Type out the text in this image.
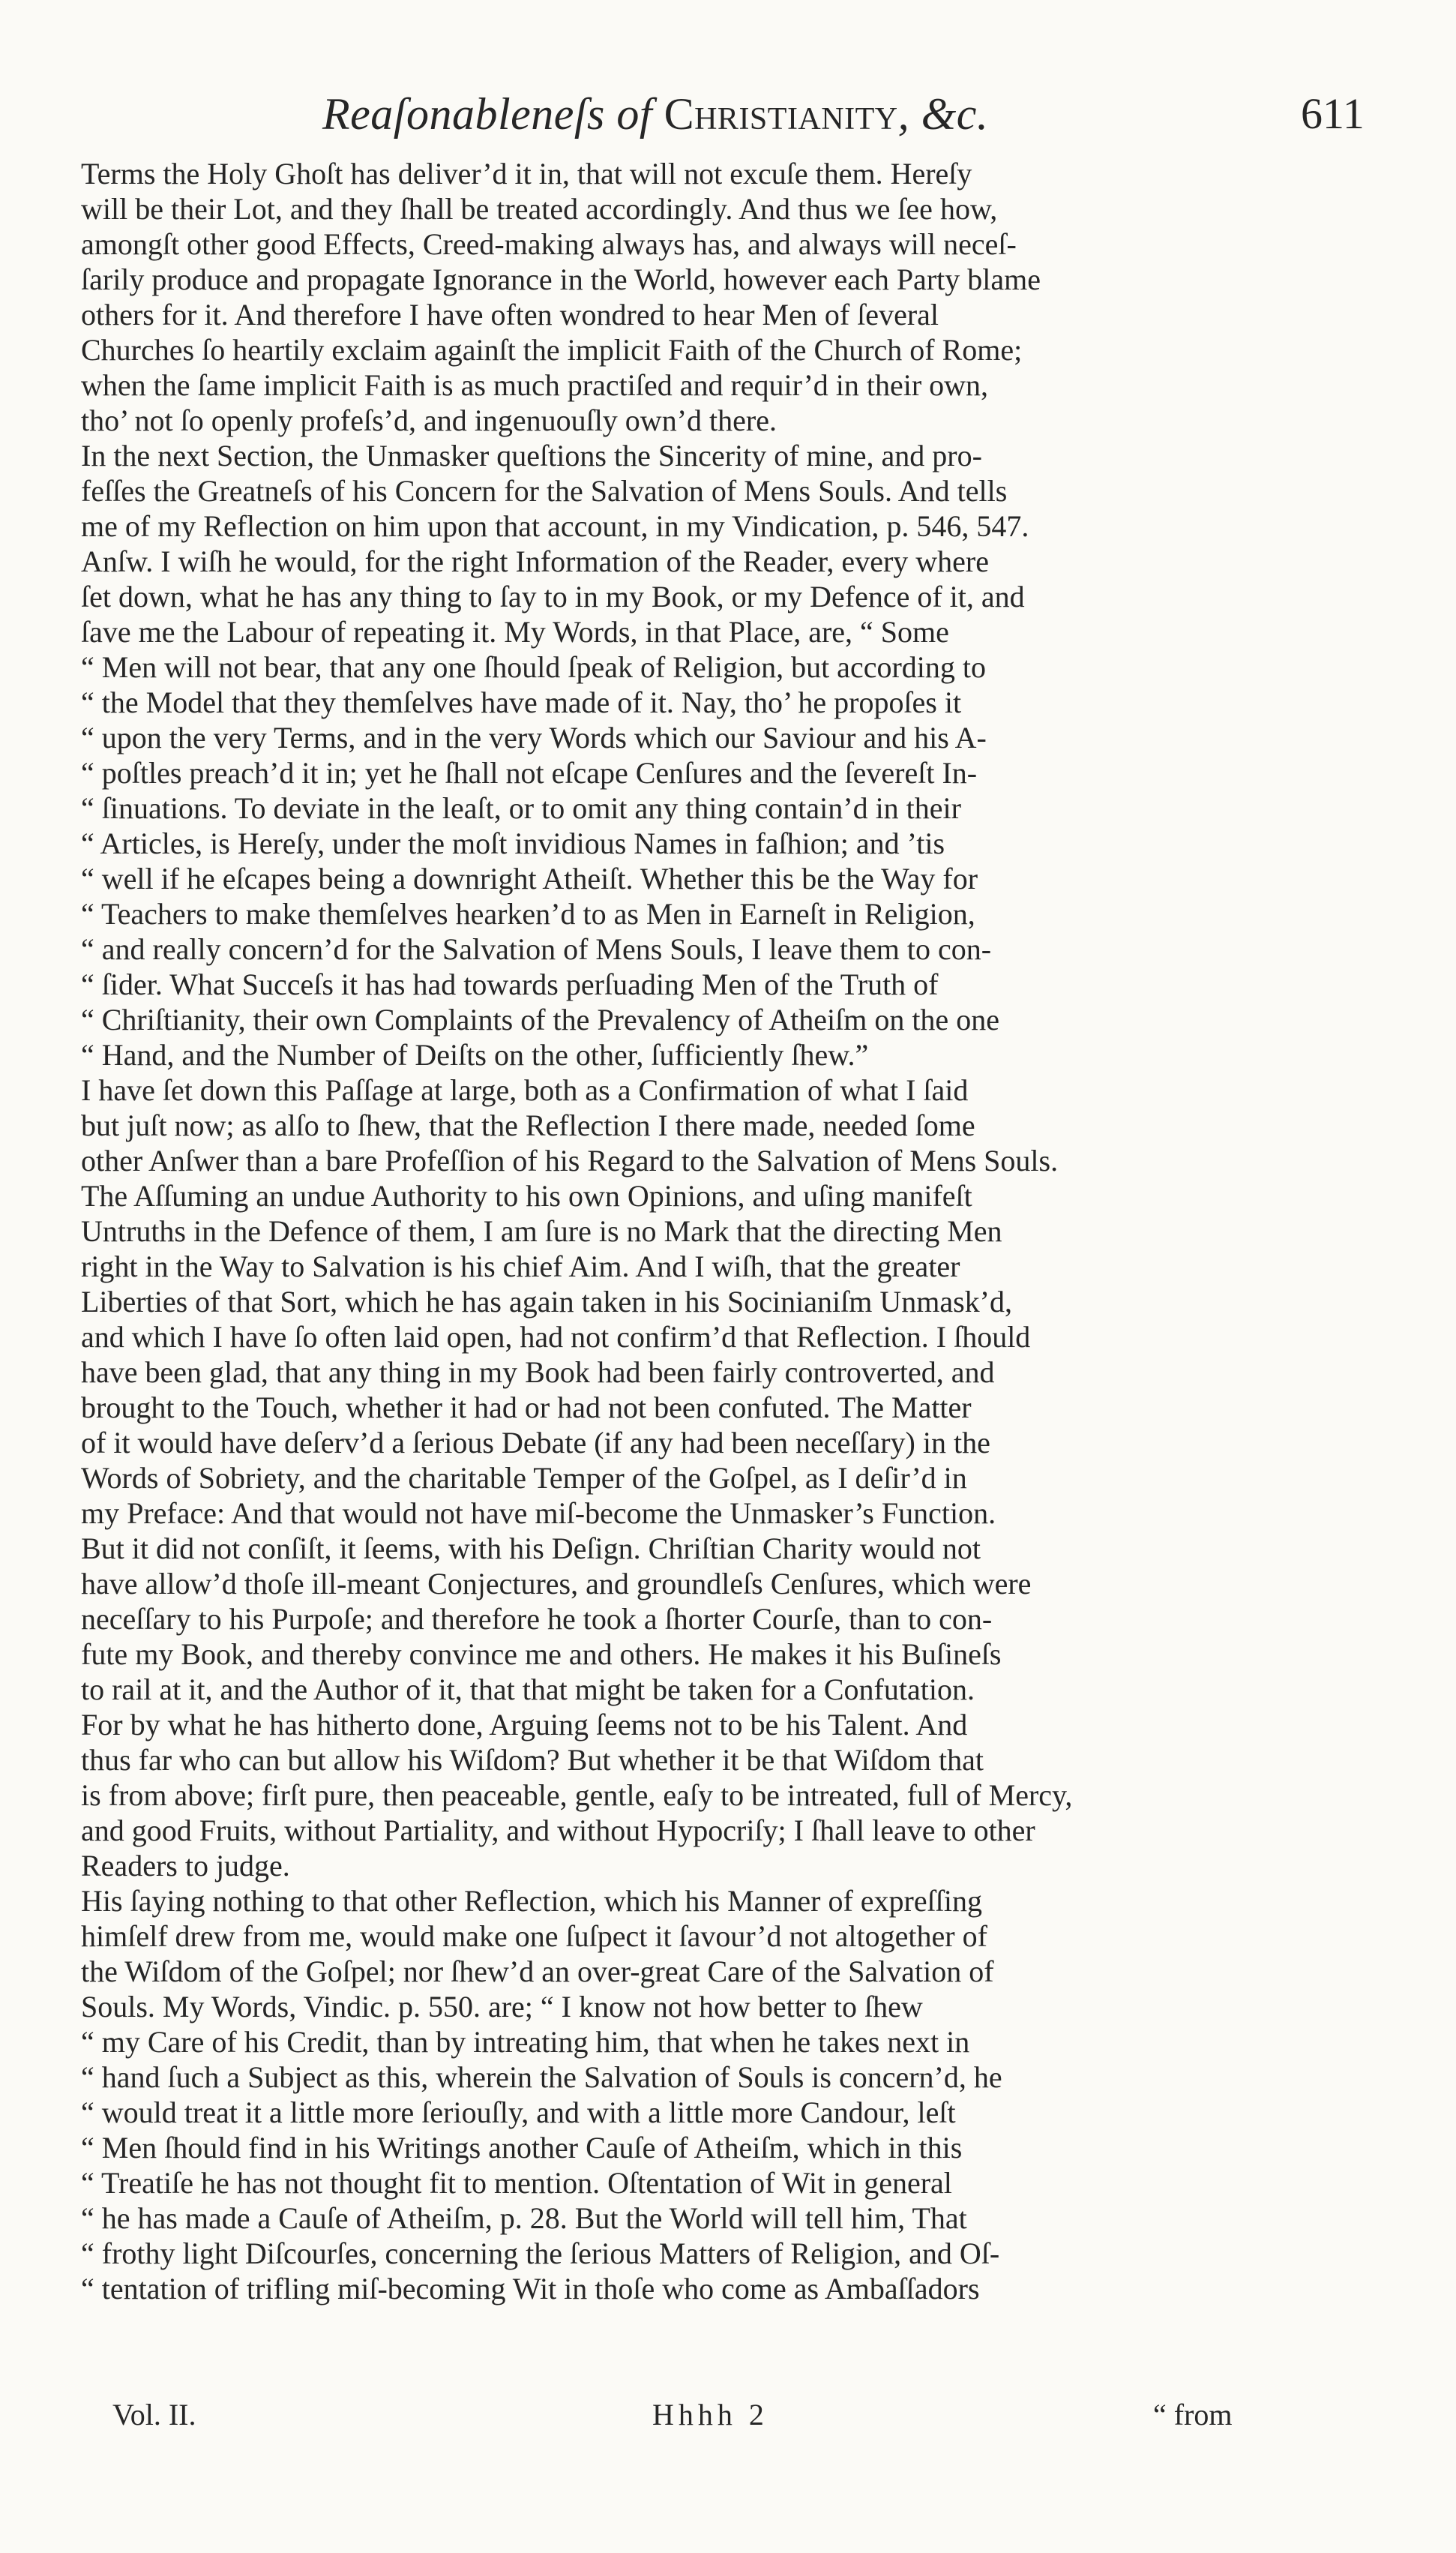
Reaſonableneſs of Christianity, &c.	611
Terms the Holy Ghoſt has deliver’d it in, that will not excuſe them. Hereſy
will be their Lot, and they ſhall be treated accordingly. And thus we ſee how,
amongſt other good Effects, Creed-making always has, and always will neceſ-
ſarily produce and propagate Ignorance in the World, however each Party blame
others for it. And therefore I have often wondred to hear Men of ſeveral
Churches ſo heartily exclaim againſt the implicit Faith of the Church of Rome;
when the ſame implicit Faith is as much practiſed and requir’d in their own,
tho’ not ſo openly profeſs’d, and ingenuouſly own’d there.
In the next Section, the Unmasker queſtions the Sincerity of mine, and pro-
feſſes the Greatneſs of his Concern for the Salvation of Mens Souls. And tells
me of my Reflection on him upon that account, in my Vindication, p. 546, 547.
Anſw. I wiſh he would, for the right Information of the Reader, every where
ſet down, what he has any thing to ſay to in my Book, or my Defence of it, and
ſave me the Labour of repeating it. My Words, in that Place, are, “ Some
“ Men will not bear, that any one ſhould ſpeak of Religion, but according to
“ the Model that they themſelves have made of it. Nay, tho’ he propoſes it
“ upon the very Terms, and in the very Words which our Saviour and his A-
“ poſtles preach’d it in; yet he ſhall not eſcape Cenſures and the ſevereſt In-
“ ſinuations. To deviate in the leaſt, or to omit any thing contain’d in their
“ Articles, is Hereſy, under the moſt invidious Names in faſhion; and ’tis
“ well if he eſcapes being a downright Atheiſt. Whether this be the Way for
“ Teachers to make themſelves hearken’d to as Men in Earneſt in Religion,
“ and really concern’d for the Salvation of Mens Souls, I leave them to con-
“ ſider. What Succeſs it has had towards perſuading Men of the Truth of
“ Chriſtianity, their own Complaints of the Prevalency of Atheiſm on the one
“ Hand, and the Number of Deiſts on the other, ſufficiently ſhew.”
I have ſet down this Paſſage at large, both as a Confirmation of what I ſaid
but juſt now; as alſo to ſhew, that the Reflection I there made, needed ſome
other Anſwer than a bare Profeſſion of his Regard to the Salvation of Mens Souls.
The Aſſuming an undue Authority to his own Opinions, and uſing manifeſt
Untruths in the Defence of them, I am ſure is no Mark that the directing Men
right in the Way to Salvation is his chief Aim. And I wiſh, that the greater
Liberties of that Sort, which he has again taken in his Socinianiſm Unmask’d,
and which I have ſo often laid open, had not confirm’d that Reflection. I ſhould
have been glad, that any thing in my Book had been fairly controverted, and
brought to the Touch, whether it had or had not been confuted. The Matter
of it would have deſerv’d a ſerious Debate (if any had been neceſſary) in the
Words of Sobriety, and the charitable Temper of the Goſpel, as I deſir’d in
my Preface: And that would not have miſ-become the Unmasker’s Function.
But it did not conſiſt, it ſeems, with his Deſign. Chriſtian Charity would not
have allow’d thoſe ill-meant Conjectures, and groundleſs Cenſures, which were
neceſſary to his Purpoſe; and therefore he took a ſhorter Courſe, than to con-
fute my Book, and thereby convince me and others. He makes it his Buſineſs
to rail at it, and the Author of it, that that might be taken for a Confutation.
For by what he has hitherto done, Arguing ſeems not to be his Talent. And
thus far who can but allow his Wiſdom? But whether it be that Wiſdom that
is from above; firſt pure, then peaceable, gentle, eaſy to be intreated, full of Mercy,
and good Fruits, without Partiality, and without Hypocriſy; I ſhall leave to other
Readers to judge.
His ſaying nothing to that other Reflection, which his Manner of expreſſing
himſelf drew from me, would make one ſuſpect it ſavour’d not altogether of
the Wiſdom of the Goſpel; nor ſhew’d an over-great Care of the Salvation of
Souls. My Words, Vindic. p. 550. are; “ I know not how better to ſhew
“ my Care of his Credit, than by intreating him, that when he takes next in
“ hand ſuch a Subject as this, wherein the Salvation of Souls is concern’d, he
“ would treat it a little more ſeriouſly, and with a little more Candour, leſt
“ Men ſhould find in his Writings another Cauſe of Atheiſm, which in this
“ Treatiſe he has not thought fit to mention. Oſtentation of Wit in general
“ he has made a Cauſe of Atheiſm, p. 28. But the World will tell him, That
“ frothy light Diſcourſes, concerning the ſerious Matters of Religion, and Oſ-
“ tentation of trifling miſ-becoming Wit in thoſe who come as Ambaſſadors
Vol. II.	Hhhh 2	“ from
